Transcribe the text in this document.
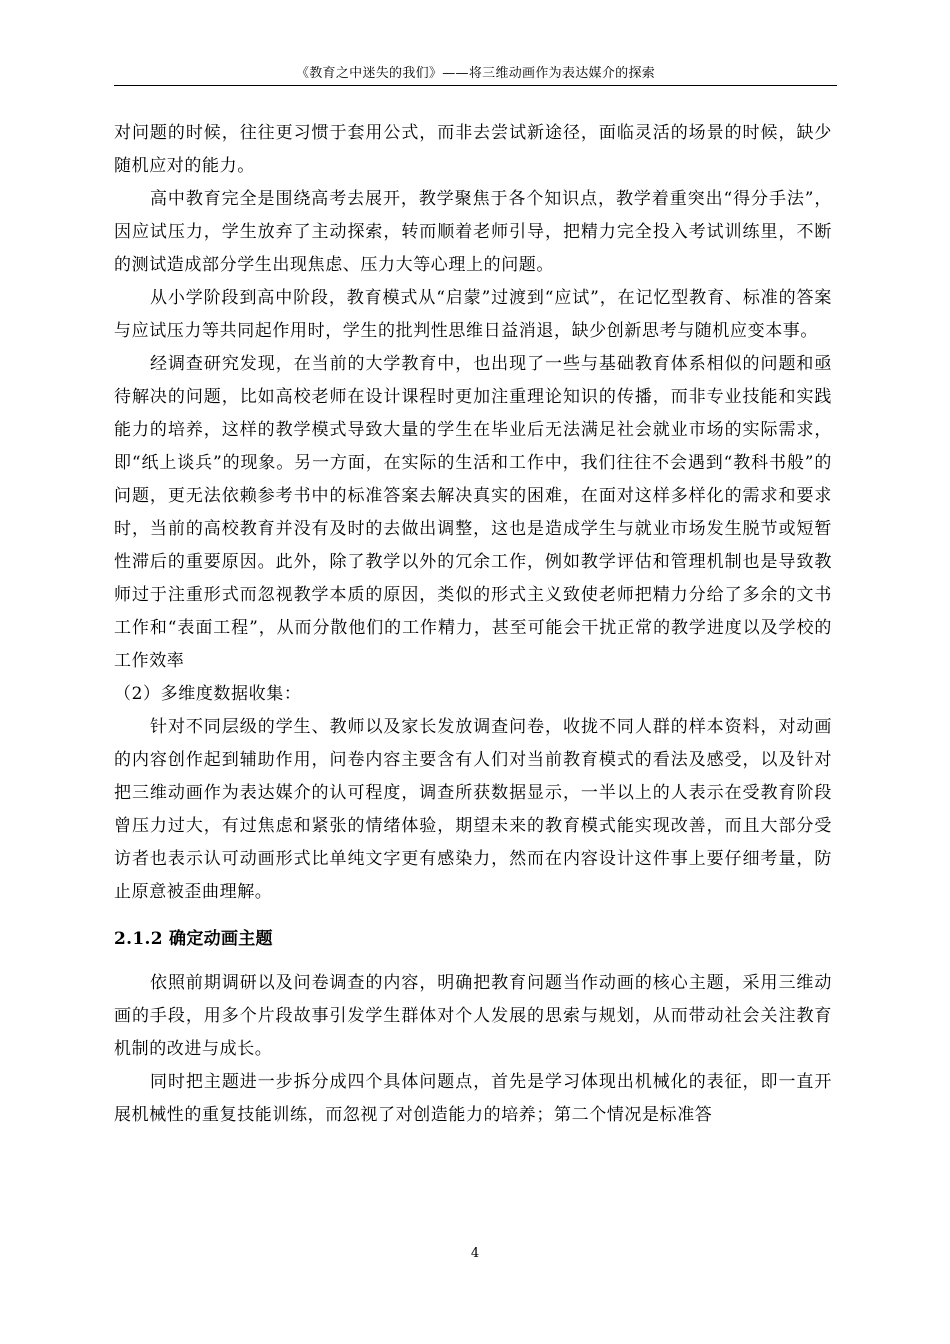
《教育之中迷失的我们》——将三维动画作为表达媒介的探索

对问题的时候，往往更习惯于套用公式，而非去尝试新途径，面临灵活的场景的时候，缺少随机应对的能力。

高中教育完全是围绕高考去展开，教学聚焦于各个知识点，教学着重突出“得分手法”，因应试压力，学生放弃了主动探索，转而顺着老师引导，把精力完全投入考试训练里，不断的测试造成部分学生出现焦虑、压力大等心理上的问题。

从小学阶段到高中阶段，教育模式从“启蒙”过渡到“应试”，在记忆型教育、标准的答案与应试压力等共同起作用时，学生的批判性思维日益消退，缺少创新思考与随机应变本事。

经调查研究发现，在当前的大学教育中，也出现了一些与基础教育体系相似的问题和亟待解决的问题，比如高校老师在设计课程时更加注重理论知识的传播，而非专业技能和实践能力的培养，这样的教学模式导致大量的学生在毕业后无法满足社会就业市场的实际需求，即“纸上谈兵”的现象。另一方面，在实际的生活和工作中，我们往往不会遇到“教科书般”的问题，更无法依赖参考书中的标准答案去解决真实的困难，在面对这样多样化的需求和要求时，当前的高校教育并没有及时的去做出调整，这也是造成学生与就业市场发生脱节或短暂性滞后的重要原因。此外，除了教学以外的冗余工作，例如教学评估和管理机制也是导致教师过于注重形式而忽视教学本质的原因，类似的形式主义致使老师把精力分给了多余的文书工作和“表面工程”，从而分散他们的工作精力，甚至可能会干扰正常的教学进度以及学校的工作效率

（2）多维度数据收集：

针对不同层级的学生、教师以及家长发放调查问卷，收拢不同人群的样本资料，对动画的内容创作起到辅助作用，问卷内容主要含有人们对当前教育模式的看法及感受，以及针对把三维动画作为表达媒介的认可程度，调查所获数据显示，一半以上的人表示在受教育阶段曾压力过大，有过焦虑和紧张的情绪体验，期望未来的教育模式能实现改善，而且大部分受访者也表示认可动画形式比单纯文字更有感染力，然而在内容设计这件事上要仔细考量，防止原意被歪曲理解。

2.1.2 确定动画主题

依照前期调研以及问卷调查的内容，明确把教育问题当作动画的核心主题，采用三维动画的手段，用多个片段故事引发学生群体对个人发展的思索与规划，从而带动社会关注教育机制的改进与成长。

同时把主题进一步拆分成四个具体问题点，首先是学习体现出机械化的表征，即一直开展机械性的重复技能训练，而忽视了对创造能力的培养；第二个情况是标准答

4
